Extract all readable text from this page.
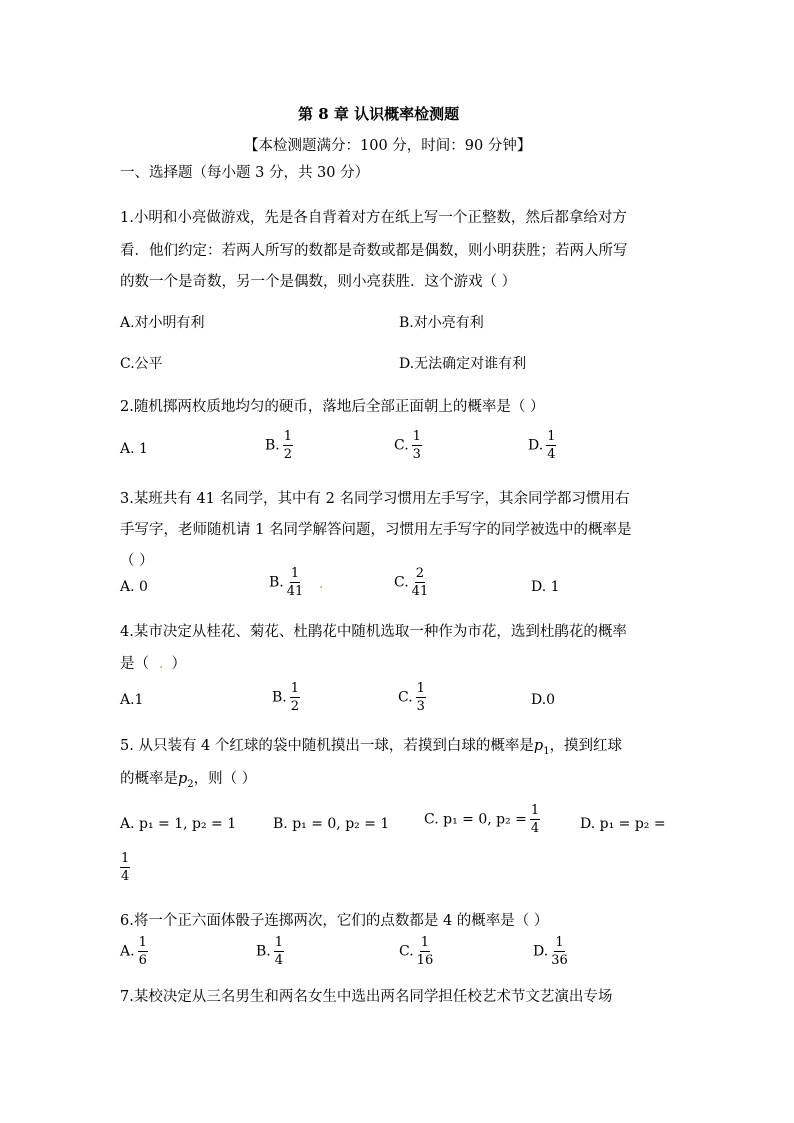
第 8 章 认识概率检测题
【本检测题满分：100 分，时间：90 分钟】
一、选择题（每小题 3 分，共 30 分）
1.小明和小亮做游戏，先是各自背着对方在纸上写一个正整数，然后都拿给对方
看．他们约定：若两人所写的数都是奇数或都是偶数，则小明获胜；若两人所写
的数一个是奇数，另一个是偶数，则小亮获胜．这个游戏（ ）
A.对小明有利	B.对小亮有利
C.公平	D.无法确定对谁有利
2.随机掷两枚质地均匀的硬币，落地后全部正面朝上的概率是（ ）
A. 1	B. $\frac{1}{2}$	C. $\frac{1}{3}$	D. $\frac{1}{4}$
3.某班共有 41 名同学，其中有 2 名同学习惯用左手写字，其余同学都习惯用右
手写字，老师随机请 1 名同学解答问题，习惯用左手写字的同学被选中的概率是
（ ）
A. 0	B. $\frac{1}{41}$ .	C. $\frac{2}{41}$	D. 1
4.某市决定从桂花、菊花、杜鹃花中随机选取一种作为市花，选到杜鹃花的概率
是（ . ）
A.1	B. $\frac{1}{2}$	C. $\frac{1}{3}$	D.0
5. 从只装有 4 个红球的袋中随机摸出一球，若摸到白球的概率是$p_1$，摸到红球
的概率是$p_2$，则（ ）
A. p₁ = 1, p₂ = 1	B. p₁ = 0, p₂ = 1 C. p₁ = 0, $p_2 = \frac{1}{4}$	D. p₁ = p₂ =
$\frac{1}{4}$
6.将一个正六面体骰子连掷两次，它们的点数都是 4 的概率是（ ）
A. $\frac{1}{6}$	B. $\frac{1}{4}$	C. $\frac{1}{16}$	D. $\frac{1}{36}$
7.某校决定从三名男生和两名女生中选出两名同学担任校艺术节文艺演出专场
